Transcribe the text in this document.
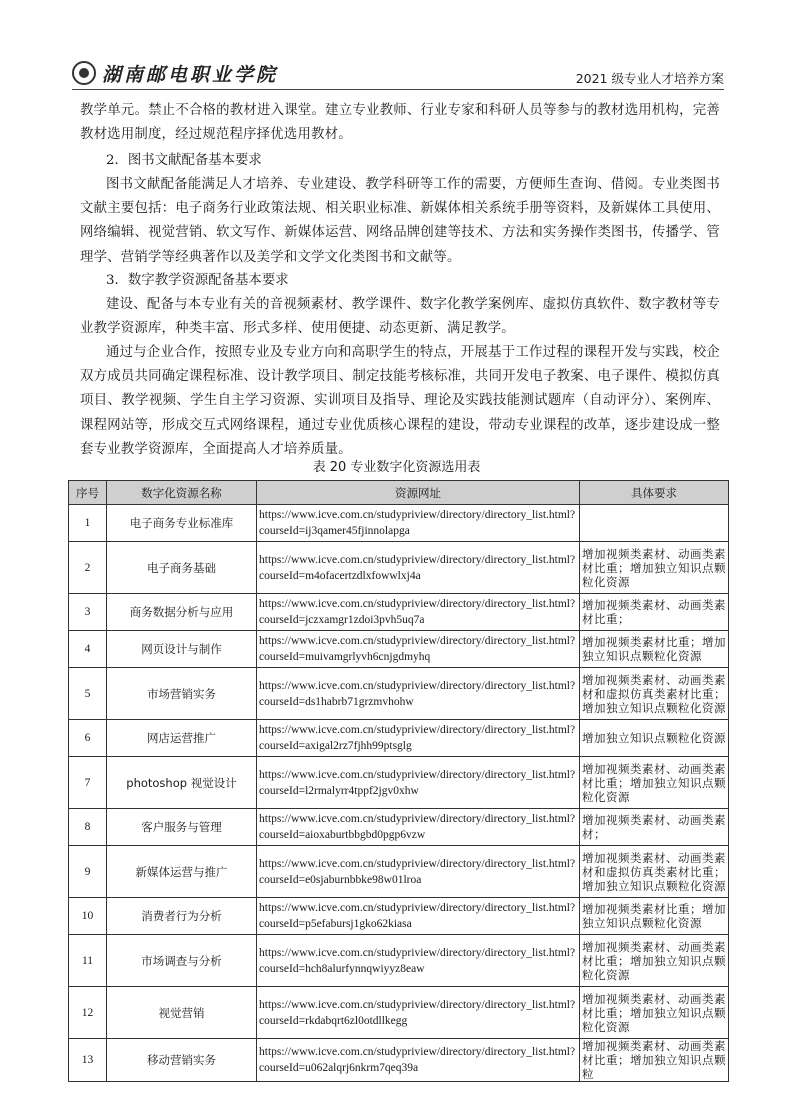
湖南邮电职业学院	2021 级专业人才培养方案

教学单元。禁止不合格的教材进入课堂。建立专业教师、行业专家和科研人员等参与的教材选用机构，完善教材选用制度，经过规范程序择优选用教材。

2．图书文献配备基本要求

图书文献配备能满足人才培养、专业建设、教学科研等工作的需要，方便师生查询、借阅。专业类图书文献主要包括：电子商务行业政策法规、相关职业标准、新媒体相关系统手册等资料，及新媒体工具使用、网络编辑、视觉营销、软文写作、新媒体运营、网络品牌创建等技术、方法和实务操作类图书，传播学、管理学、营销学等经典著作以及美学和文学文化类图书和文献等。

3．数字教学资源配备基本要求

建设、配备与本专业有关的音视频素材、教学课件、数字化教学案例库、虚拟仿真软件、数字教材等专业教学资源库，种类丰富、形式多样、使用便捷、动态更新、满足教学。

通过与企业合作，按照专业及专业方向和高职学生的特点，开展基于工作过程的课程开发与实践，校企双方成员共同确定课程标准、设计教学项目、制定技能考核标准，共同开发电子教案、电子课件、模拟仿真项目、教学视频、学生自主学习资源、实训项目及指导、理论及实践技能测试题库（自动评分）、案例库、课程网站等，形成交互式网络课程，通过专业优质核心课程的建设，带动专业课程的改革，逐步建设成一整套专业教学资源库，全面提高人才培养质量。

表 20 专业数字化资源选用表
序号	数字化资源名称	资源网址	具体要求
1	电子商务专业标准库	https://www.icve.com.cn/studypriview/directory/directory_list.html?courseId=ij3qamer45fjinnolapga	
2	电子商务基础	https://www.icve.com.cn/studypriview/directory/directory_list.html?courseId=m4ofacertzdlxfowwlxj4a	增加视频类素材、动画类素材比重；增加独立知识点颗粒化资源
3	商务数据分析与应用	https://www.icve.com.cn/studypriview/directory/directory_list.html?courseId=jczxamgr1zdoi3pvh5uq7a	增加视频类素材、动画类素材比重；
4	网页设计与制作	https://www.icve.com.cn/studypriview/directory/directory_list.html?courseId=muivamgrlyvh6cnjgdmyhq	增加视频类素材比重；增加独立知识点颗粒化资源
5	市场营销实务	https://www.icve.com.cn/studypriview/directory/directory_list.html?courseId=ds1habrb71grzmvhohw	增加视频类素材、动画类素材和虚拟仿真类素材比重；增加独立知识点颗粒化资源
6	网店运营推广	https://www.icve.com.cn/studypriview/directory/directory_list.html?courseId=axigal2rz7fjhh99ptsglg	增加独立知识点颗粒化资源
7	photoshop 视觉设计	https://www.icve.com.cn/studypriview/directory/directory_list.html?courseId=l2rmalyrr4tppf2jgv0xhw	增加视频类素材、动画类素材比重；增加独立知识点颗粒化资源
8	客户服务与管理	https://www.icve.com.cn/studypriview/directory/directory_list.html?courseId=aioxaburtbbgbd0pgp6vzw	增加视频类素材、动画类素材；
9	新媒体运营与推广	https://www.icve.com.cn/studypriview/directory/directory_list.html?courseId=e0sjaburnbbke98w01lroa	增加视频类素材、动画类素材和虚拟仿真类素材比重；增加独立知识点颗粒化资源
10	消费者行为分析	https://www.icve.com.cn/studypriview/directory/directory_list.html?courseId=p5efabursj1gko62kiasa	增加视频类素材比重；增加独立知识点颗粒化资源
11	市场调查与分析	https://www.icve.com.cn/studypriview/directory/directory_list.html?courseId=hch8alurfynnqwiyyz8eaw	增加视频类素材、动画类素材比重；增加独立知识点颗粒化资源
12	视觉营销	https://www.icve.com.cn/studypriview/directory/directory_list.html?courseId=rkdabqrt6zl0otdllkegg	增加视频类素材、动画类素材比重；增加独立知识点颗粒化资源
13	移动营销实务	https://www.icve.com.cn/studypriview/directory/directory_list.html?courseId=u062alqrj6nkrm7qeq39a	增加视频类素材、动画类素材比重；增加独立知识点颗粒
